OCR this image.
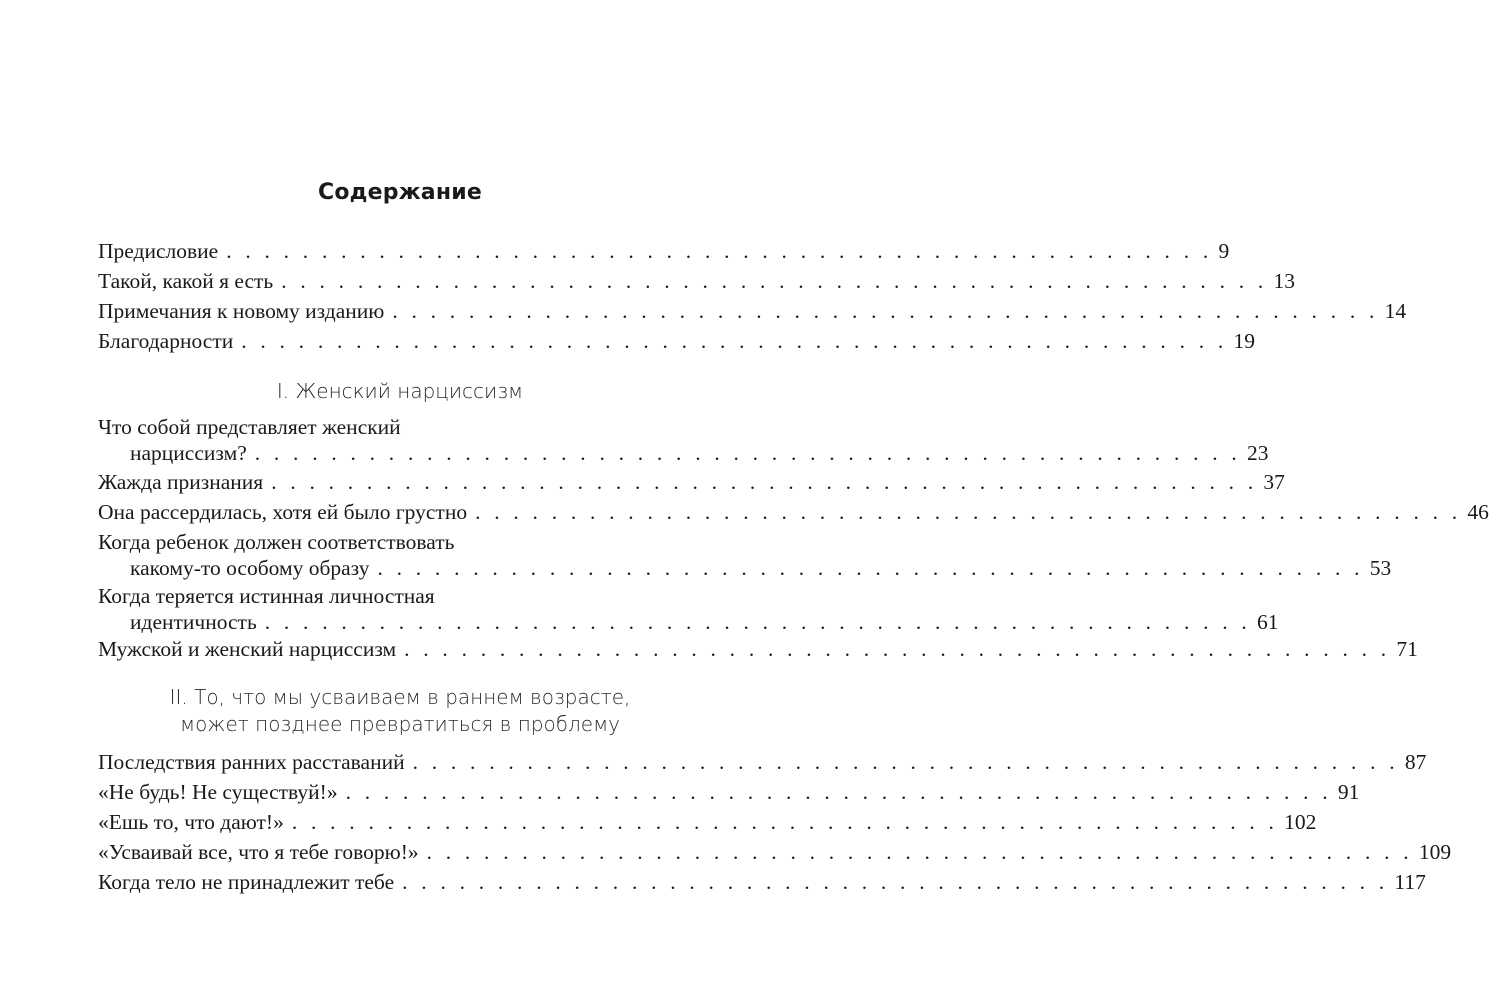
Содержание
Предисловие . . . . . . . . . . . . . . . . . . . . . . . . . . . . . . . . . . . . . . . . . . . . . . . . . . . . 9
Такой, какой я есть . . . . . . . . . . . . . . . . . . . . . . . . . . . . . . . . . . . . . . . . . . . . . . . . . . . . 13
Примечания к новому изданию . . . . . . . . . . . . . . . . . . . . . . . . . . . . . . . . . . . . . . . . . . . . . . . . . . . . 14
Благодарности . . . . . . . . . . . . . . . . . . . . . . . . . . . . . . . . . . . . . . . . . . . . . . . . . . . . 19
I. Женский нарциссизм
Что собой представляет женский
нарциссизм? . . . . . . . . . . . . . . . . . . . . . . . . . . . . . . . . . . . . . . . . . . . . . . . . . . . . 23
Жажда признания . . . . . . . . . . . . . . . . . . . . . . . . . . . . . . . . . . . . . . . . . . . . . . . . . . . . 37
Она рассердилась, хотя ей было грустно . . . . . . . . . . . . . . . . . . . . . . . . . . . . . . . . . . . . . . . . . . . . . . . . . . . . 46
Когда ребенок должен соответствовать
какому-то особому образу . . . . . . . . . . . . . . . . . . . . . . . . . . . . . . . . . . . . . . . . . . . . . . . . . . . . 53
Когда теряется истинная личностная
идентичность . . . . . . . . . . . . . . . . . . . . . . . . . . . . . . . . . . . . . . . . . . . . . . . . . . . . 61
Мужской и женский нарциссизм . . . . . . . . . . . . . . . . . . . . . . . . . . . . . . . . . . . . . . . . . . . . . . . . . . . . 71
II. То, что мы усваиваем в раннем возрасте,
может позднее превратиться в проблему
Последствия ранних расставаний . . . . . . . . . . . . . . . . . . . . . . . . . . . . . . . . . . . . . . . . . . . . . . . . . . . . 87
«Не будь! Не существуй!» . . . . . . . . . . . . . . . . . . . . . . . . . . . . . . . . . . . . . . . . . . . . . . . . . . . . 91
«Ешь то, что дают!» . . . . . . . . . . . . . . . . . . . . . . . . . . . . . . . . . . . . . . . . . . . . . . . . . . . . 102
«Усваивай все, что я тебе говорю!» . . . . . . . . . . . . . . . . . . . . . . . . . . . . . . . . . . . . . . . . . . . . . . . . . . . . 109
Когда тело не принадлежит тебе . . . . . . . . . . . . . . . . . . . . . . . . . . . . . . . . . . . . . . . . . . . . . . . . . . . . 117
